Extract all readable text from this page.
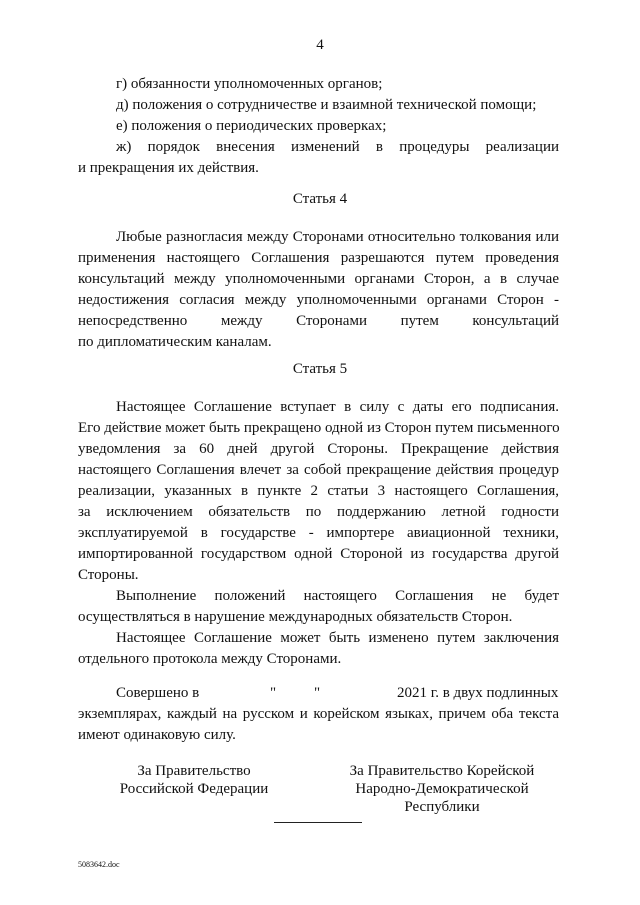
4
г) обязанности уполномоченных органов;
д) положения о сотрудничестве и взаимной технической помощи;
е) положения о периодических проверках;
ж) порядок внесения изменений в процедуры реализации
и прекращения их действия.
Статья 4
Любые разногласия между Сторонами относительно толкования или
применения настоящего Соглашения разрешаются путем проведения
консультаций между уполномоченными органами Сторон, а в случае
недостижения согласия между уполномоченными органами Сторон -
непосредственно между Сторонами путем консультаций
по дипломатическим каналам.
Статья 5
Настоящее Соглашение вступает в силу с даты его подписания.
Его действие может быть прекращено одной из Сторон путем письменного
уведомления за 60 дней другой Стороны. Прекращение действия
настоящего Соглашения влечет за собой прекращение действия процедур
реализации, указанных в пункте 2 статьи 3 настоящего Соглашения,
за исключением обязательств по поддержанию летной годности
эксплуатируемой в государстве - импортере авиационной техники,
импортированной государством одной Стороной из государства другой
Стороны.
Выполнение положений настоящего Соглашения не будет
осуществляться в нарушение международных обязательств Сторон.
Настоящее Соглашение может быть изменено путем заключения
отдельного протокола между Сторонами.
Совершено в	"	"	2021 г. в двух подлинных
экземплярах, каждый на русском и корейском языках, причем оба текста
имеют одинаковую силу.
За Правительство
Российской Федерации
За Правительство Корейской
Народно-Демократической
Республики
5083642.doc
